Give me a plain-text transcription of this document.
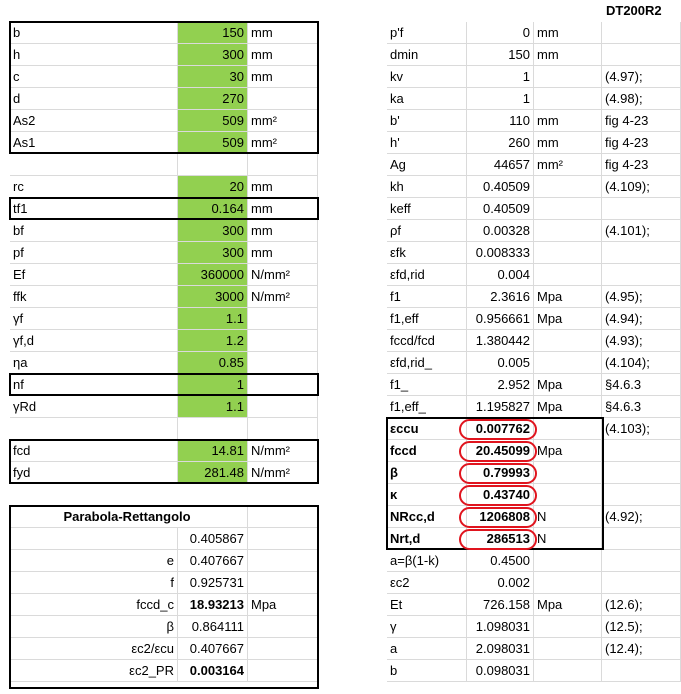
DT200R2
b	150 mm
h	300 mm
c	30 mm
d	270
As2	509 mm²
As1	509 mm²
rc	20 mm
tf1	0.164 mm
bf	300 mm
pf	300 mm
Ef	360000 N/mm²
ffk	3000 N/mm²
γf	1.1
γf,d	1.2
ηa	0.85
nf	1
γRd	1.1
fcd	14.81 N/mm²
fyd	281.48 N/mm²
Parabola-Rettangolo
0.405867
e	0.407667
f	0.925731
fccd_c	18.93213 Mpa
β	0.864111
εc2/εcu	0.407667
εc2_PR	0.003164
p'f	0 mm
dmin	150 mm
kv	1	(4.97);
ka	1	(4.98);
b'	110 mm	fig 4-23
h'	260 mm	fig 4-23
Ag	44657 mm²	fig 4-23
kh	0.40509	(4.109);
keff	0.40509
ρf	0.00328	(4.101);
εfk	0.008333
εfd,rid	0.004
f1	2.3616 Mpa	(4.95);
f1,eff	0.956661 Mpa	(4.94);
fccd/fcd	1.380442	(4.93);
εfd,rid_	0.005	(4.104);
f1_	2.952 Mpa	§4.6.3
f1,eff_	1.195827 Mpa	§4.6.3
εccu	0.007762	(4.103);
fccd	20.45099 Mpa
β	0.79993
κ	0.43740
NRcc,d	1206808 N	(4.92);
Nrt,d	286513 N
a=β(1-k)	0.4500
εc2	0.002
Et	726.158 Mpa	(12.6);
γ	1.098031	(12.5);
a	2.098031	(12.4);
b	0.098031
